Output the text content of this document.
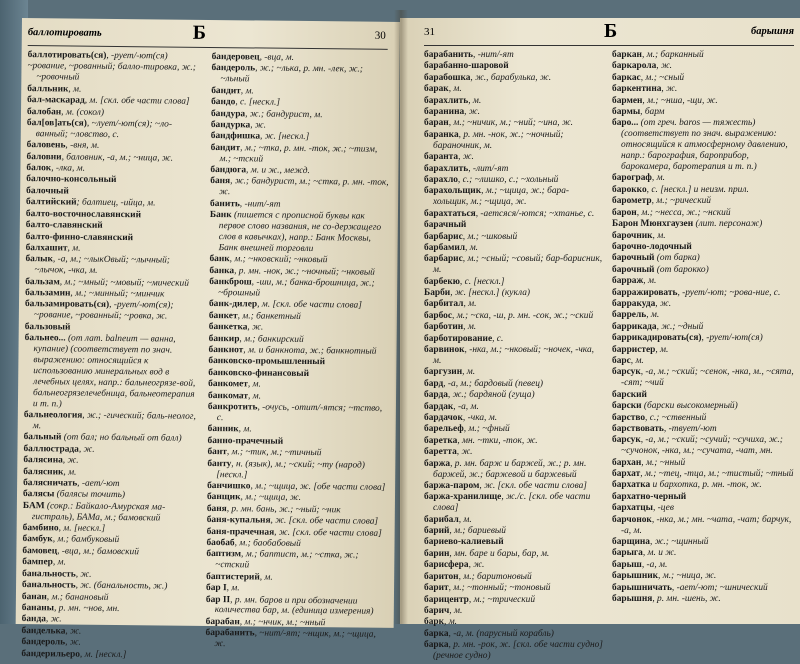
баллотировать	Б	30
баллотировать(ся), -рует/-ют(ся)
~рование, ~рованный; балло-тировка, ж.; ~ровочный
балльник, м.
бал-маскарад, м. [скл. обе части слова]
балобан, м. (сокол)
бал[ов]ать(ся), ~лует/-ют(ся); ~ло-ванный; ~ловство, с.
баловень, -вня, м.
баловни, баловник, -а, м.; ~ница, ж.
балок, -лка, м.
балочно-консольный
балочный
балтийский; балтиец, -ийца, м.
балто-восточнославянский
балто-славянский
балто-финно-славянский
балхашит, м.
балык, -а, м.; ~лыкОвый; ~лычный; ~лычок, -чка, м.
бальзам, м.; ~мный; ~мовый; ~мический
бальзамин, м.; ~минный; ~минчик
бальзамировать(ся), -рует/-ют(ся); ~рование, ~рованный; ~ровка, ж.
бальзовый
бальнео... (от лат. balneum — ванна, купание) (соответствует по знач. выражению: относящийся к использованию минеральных вод в лечебных целях, напр.: бальнеогрязе-вой, бальнеогрязелечебница, бальнеотерапия и т. п.)
бальнеология, ж.; -гический; баль-неолог, м.
бальный (от бал; но бальный от балл)
баллюстрада, ж.
балясина, ж.
балясник, м.
балясничать, -ает/-ют
балясы (балясы точить)
БАМ (сокр.: Байкало-Амурская ма-гистраль), БАМа, м.; бамовский
бамбино, м. [нескл.]
бамбук, м.; бамбуковый
бамовец, -вца, м.; бамовский
бампер, м.
банальность, ж.
банальность, ж. (банальность, ж.)
банан, м.; банановый
бананы, р. мн. ~нов, мн.
банда, ж.
банделька, ж.
бандероль, ж.
бандерильеро, м. [нескл.]
бандеровец, -вца, м.
бандероль, ж.; ~лька, р. мн. -лек, ж.; ~льный
бандит, м.
бандо, с. [нескл.]
бандура, ж.; бандурист, м.
бандурка, ж.
бандфишка, ж. [нескл.]
бандит, м.; ~тка, р. мн. -ток, ж.; ~тизм, м.; ~тский
бандюга, м. и ж., межд.
баня, ж.; бандурист, м.; ~стка, р. мн. -ток, ж.
банить, -нит/-ят
Банк (пишется с прописной буквы как первое слово названия, не со-держащего слов в кавычках), напр.: Банк Москвы, Банк внешней торговли
банк, м.; ~нковский; ~нковый
банка, р. мн. -нок, ж.; ~ночный; ~нковый
банкброш, -ши, м.; банка-брошница, ж.; ~брошный
банк-дилер, м. [скл. обе части слова]
банкет, м.; банкетный
банкетка, ж.
банкир, м.; банкирский
банкнот, м. и банкнота, ж.; банкнотный
банковско-промышленный
банковско-финансовый
банкомет, м.
банкомат, м.
банкротить, -очусь, -отит/-ятся; ~тство, с.
банник, м.
банно-прачечный
бант, м.; ~тик, м.; ~тичный
банту, н. (язык), м.; ~ский; ~ту (народ) [нескл.]
банчишко, м.; ~щица, ж. [обе части слова]
банщик, м.; ~щица, ж.
баня, р. мн. бань, ж.; ~ный; ~ник
баня-купальня, ж. [скл. обе части слова]
баня-прачечная, ж. [скл. обе части слова]
баобаб, м.; баобабовый
баптизм, м.; баптист, м.; ~стка, ж.; ~стский
баптистерий, м.
бар I, м.
бар II, р. мн. баров и при обозначении количества бар, м. (единица измерения)
барабан, м.; ~нчик, м.; ~нный
барабанить, ~нит/-ят; ~нщик, м.; ~щица, ж.
31	Б	барышня
барабанить, -нит/-ят
барабанно-шаровой
барабошка, ж., барабулька, ж.
барак, м.
барахлить, м.
баранина, ж.
баран, м.; ~ничик, м.; ~ний; ~ина, ж.
баранка, р. мн. -нок, ж.; ~ночный; бараночник, м.
баранта, ж.
барахлить, -лит/-ят
барахло, с.; ~лишко, с.; ~хольный
барахольщик, м.; ~щица, ж.; бара-хольщик, м.; ~щица, ж.
барахтаться, -аетсяся/-ются; ~хтанье, с.
барачный
барбарис, м.; ~шковый
барбамил, м.
барбарис, м.; ~сный; ~совый; бар-барисник, м.
барбекю, с. [нескл.]
Барби, ж. [нескл.] (кукла)
барбитал, м.
барбос, м.; ~ска, -ш, р. мн. -сок, ж.; ~ский
барботин, м.
барботирование, с.
барвинок, -нка, м.; ~нковый; ~ночек, -чка, м.
баргузин, м.
бард, -а, м.; бардовый (певец)
барда, ж.; бардяной (гуща)
бардак, -а, м.
бардачок, -чка, м.
барельеф, м.; ~фный
баретка, мн. ~тки, -ток, ж.
баретта, ж.
баржа, р. мн. барж и баржей, ж.; р. мн. баржей, ж.; баржевой и баржевый
баржа-паром, ж. [скл. обе части слова]
баржа-хранилище, ж./с. [скл. обе части слова]
барибал, м.
барий, м.; бариевый
бариево-калиевый
барин, мн. баре и бары, бар, м.
барисфера, ж.
баритон, м.; баритоновый
барит, м.; ~тонный; ~тоновый
барицентр, м.; ~трический
барич, м.
барк, м.
барка, -а, м. (парусный корабль)
барка, р. мн. -рок, ж. [скл. обе части судно] (речное судно)
баркан, м.; барканный
баркарола, ж.
баркас, м.; ~сный
баркентина, ж.
бармен, м.; ~нша, -щи, ж.
бармы, барм
баро... (от греч. baros — тяжесть) (соответствует по знач. выражению: относящийся к атмосферному давлению, напр.: барография, бароприбор, барокамера, баротерапия и т. п.)
барограф, м.
барокко, с. [нескл.] и неизм. прил.
барометр, м.; ~рический
барон, м.; ~несса, ж.; ~нский
Барон Мюнхгаузен (лит. персонаж)
барочник, м.
барочно-лодочный
барочный (от барка)
барочный (от барокко)
барраж, м.
барражировать, -рует/-ют; ~рова-ние, с.
барракуда, ж.
баррель, м.
баррикада, ж.; ~дный
баррикадировать(ся), -рует/-ют(ся)
барристер, м.
барс, м.
барсук, -а, м.; ~ский; ~сенок, -нка, м., ~сята, -сят; ~чий
барский
барски (барски высокомерный)
барство, с.; ~ственный
барствовать, -твует/-ют
барсук, -а, м.; ~ский; ~сучий; ~сучиха, ж.; ~сучонок, -нка, м.; ~сучата, -чат, мн.
бархан, м.; ~нный
бархат, м.; ~тец, -тца, м.; ~тистый; ~тный
бархатка и бархотка, р. мн. -ток, ж.
бархатно-черный
бархатцы, -цев
барчонок, -нка, м.; мн. ~чата, -чат; барчук, -а, м.
барщина, ж.; ~щинный
барыга, м. и ж.
барыш, -а, м.
барышник, м.; ~ница, ж.
барышничать, -ает/-ют; ~шнический
барышня, р. мн. -шень, ж.
